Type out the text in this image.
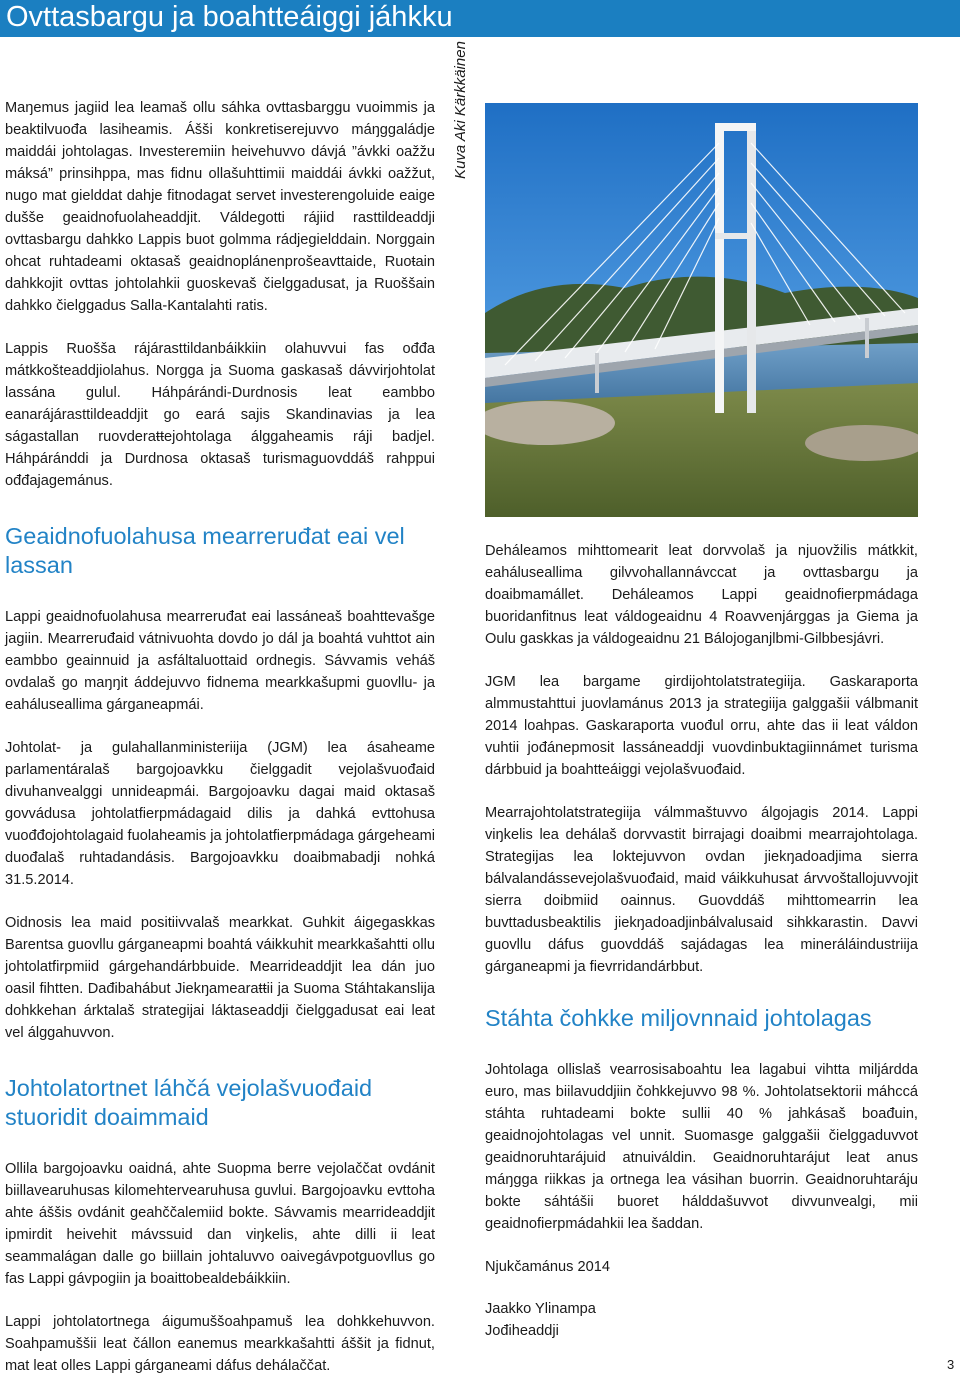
Ovttasbargu ja boahtteáiggi jáhkku

Maŋemus jagiid lea leamaš ollu sáhka ovttasbarggu vuoimmis ja beaktilvuođa lasiheamis. Ášši konkretiserejuvvo máŋggaládje maiddái johtolagas. Investeremiin heivehuvvo dávjá ”ávkki oažžu máksá” prinsihppa, mas fidnu ollašuhttimii maiddái ávkki oažžut, nugo mat gielddat dahje fitnodagat servet investerengoluide eaige dušše geaidnofuolaheaddjit. Váldegotti rájiid rasttildeaddji ovttasbargu dahkko Lappis buot golmma rádjegielddain. Norggain ohcat ruhtadeami oktasaš geaidnoplánenprošeavttaide, Ruoŧain dahkkojit ovttas johtolahkii guoskevaš čielggadusat, ja Ruoššain dahkko čielggadus Salla-Kantalahti ratis.

Lappis Ruošša rájárasttildanbáikkiin olahuvvui fas ođđa mátkkošteaddjiolahus. Norgga ja Suoma gaskasaš dávvirjohtolat lassána gulul. Háhpárándi-Durdnosis leat eambbo eanarájárasttildeaddjit go eará sajis Skandinavias ja lea ságastallan ruovderaŧŧejohtolaga álggaheamis ráji badjel. Háhpáránddi ja Durdnosa oktasaš turismaguovddáš rahppui ođđajagemánus.

Geaidnofuolahusa mearreruđat eai vel lassan

Lappi geaidnofuolahusa mearreruđat eai lassáneaš boahttevašge jagiin. Mearreruđaid vátnivuohta dovdo jo dál ja boahtá vuhttot ain eambbo geainnuid ja asfáltaluottaid ordnegis. Sávvamis veháš ovdalaš go maŋŋit áddejuvvo fidnema mearkkašupmi guovllu- ja eaháluseallima gárganeapmái.

Johtolat- ja gulahallanministeriija (JGM) lea ásaheame parlamentáralaš bargojoavkku čielggadit vejolašvuođaid divuhanvealggi unnideapmái. Bargojoavku dagai maid oktasaš govvádusa johtolatfierpmádagaid dilis ja dahká evttohusa vuođđojohtolagaid fuolaheamis ja johtolatfierpmádaga gárgeheami duođalaš ruhtadandásis. Bargojoavkku doaibmabadji nohká 31.5.2014.

Oidnosis lea maid positiivvalaš mearkkat. Guhkit áigegaskkas Barentsa guovllu gárganeapmi boahtá váikkuhit mearkkašahtti ollu johtolatfirpmiid gárgehandárbbuide. Mearrideaddjit lea dán juo oasil fihtten. Dađibahábut Jiekŋamearaŧŧii ja Suoma Stáhtakanslija dohkkehan árktalaš strategijai láktaseaddji čielggadusat eai leat vel álggahuvvon.

Johtolatortnet láhčá vejolašvuođaid stuoridit doaimmaid

Ollila bargojoavku oaidná, ahte Suopma berre vejolaččat ovdánit biillavearuhusas kilomehtervearuhusa guvlui. Bargojoavku evttoha ahte áššis ovdánit geahččalemiid bokte. Sávvamis mearrideaddjit ipmirdit heivehit mávssuid dan viŋkelis, ahte dilli ii leat seammalágan dalle go biillain johtaluvvo oaivegávpotguovllus go fas Lappi gávpogiin ja boaittobealdebáikkiin.

Lappi johtolatortnega áigumuššoahpamuš lea dohkkehuvvon. Soahpamuššii leat čállon eanemus mearkkašahtti áššit ja fidnut, mat leat olles Lappi gárganeami dáfus dehálaččat.

Kuva Aki Kärkkäinen

Deháleamos mihttomearit leat dorvvolaš ja njuovžilis mátkkit, eaháluseallima gilvvohallannávccat ja ovttasbargu ja doaibmamállet. Deháleamos Lappi geaidnofierpmádaga buoridanfitnus leat váldogeaidnu 4 Roavvenjárggas ja Giema ja Oulu gaskkas ja váldogeaidnu 21 Bálojoganjlbmi-Gilbbesjávri.

JGM lea bargame girdijohtolatstrategiija. Gaskaraporta almmustahttui juovlamánus 2013 ja strategiija galggašii válbmanit 2014 loahpas. Gaskaraporta vuođul orru, ahte das ii leat váldon vuhtii jođánepmosit lassáneaddji vuovdinbuktagiinnámet turisma dárbbuid ja boahtteáiggi vejolašvuođaid.

Mearrajohtolatstrategiija válmmaštuvvo álgojagis 2014. Lappi viŋkelis lea dehálaš dorvvastit birrajagi doaibmi mearrajohtolaga. Strategijas lea loktejuvvon ovdan jiekŋadoadjima sierra bálvalandássevejolašvuođaid, maid váikkuhusat árvvoštallojuvvojit sierra doibmiid oainnus. Guovddáš mihttomearrin lea buvttadusbeaktilis jiekŋadoadjinbálvalusaid sihkkarastin. Davvi guovllu dáfus guovddáš sajádagas lea mineráláindustriija gárganeapmi ja fievrridandárbbut.

Stáhta čohkke miljovnnaid johtolagas

Johtolaga ollislaš vearrosisaboahtu lea lagabui vihtta miljárdda euro, mas biilavuddjiin čohkkejuvvo 98 %. Johtolatsektorii máhccá stáhta ruhtadeami bokte sullii 40 % jahkásaš boađuin, geaidnojohtolagas vel unnit. Suomasge galggašii čielggaduvvot geaidnoruhtarájuid atnuiváldin. Geaidnoruhtarájut leat anus máŋgga riikkas ja ortnega lea vásihan buorrin. Geaidnoruhtaráju bokte sáhtášii buoret hálddašuvvot divvunvealgi, mii geaidnofierpmádahkii lea šaddan.

Njukčamánus 2014

Jaakko Ylinampa

Jođiheaddji

3
